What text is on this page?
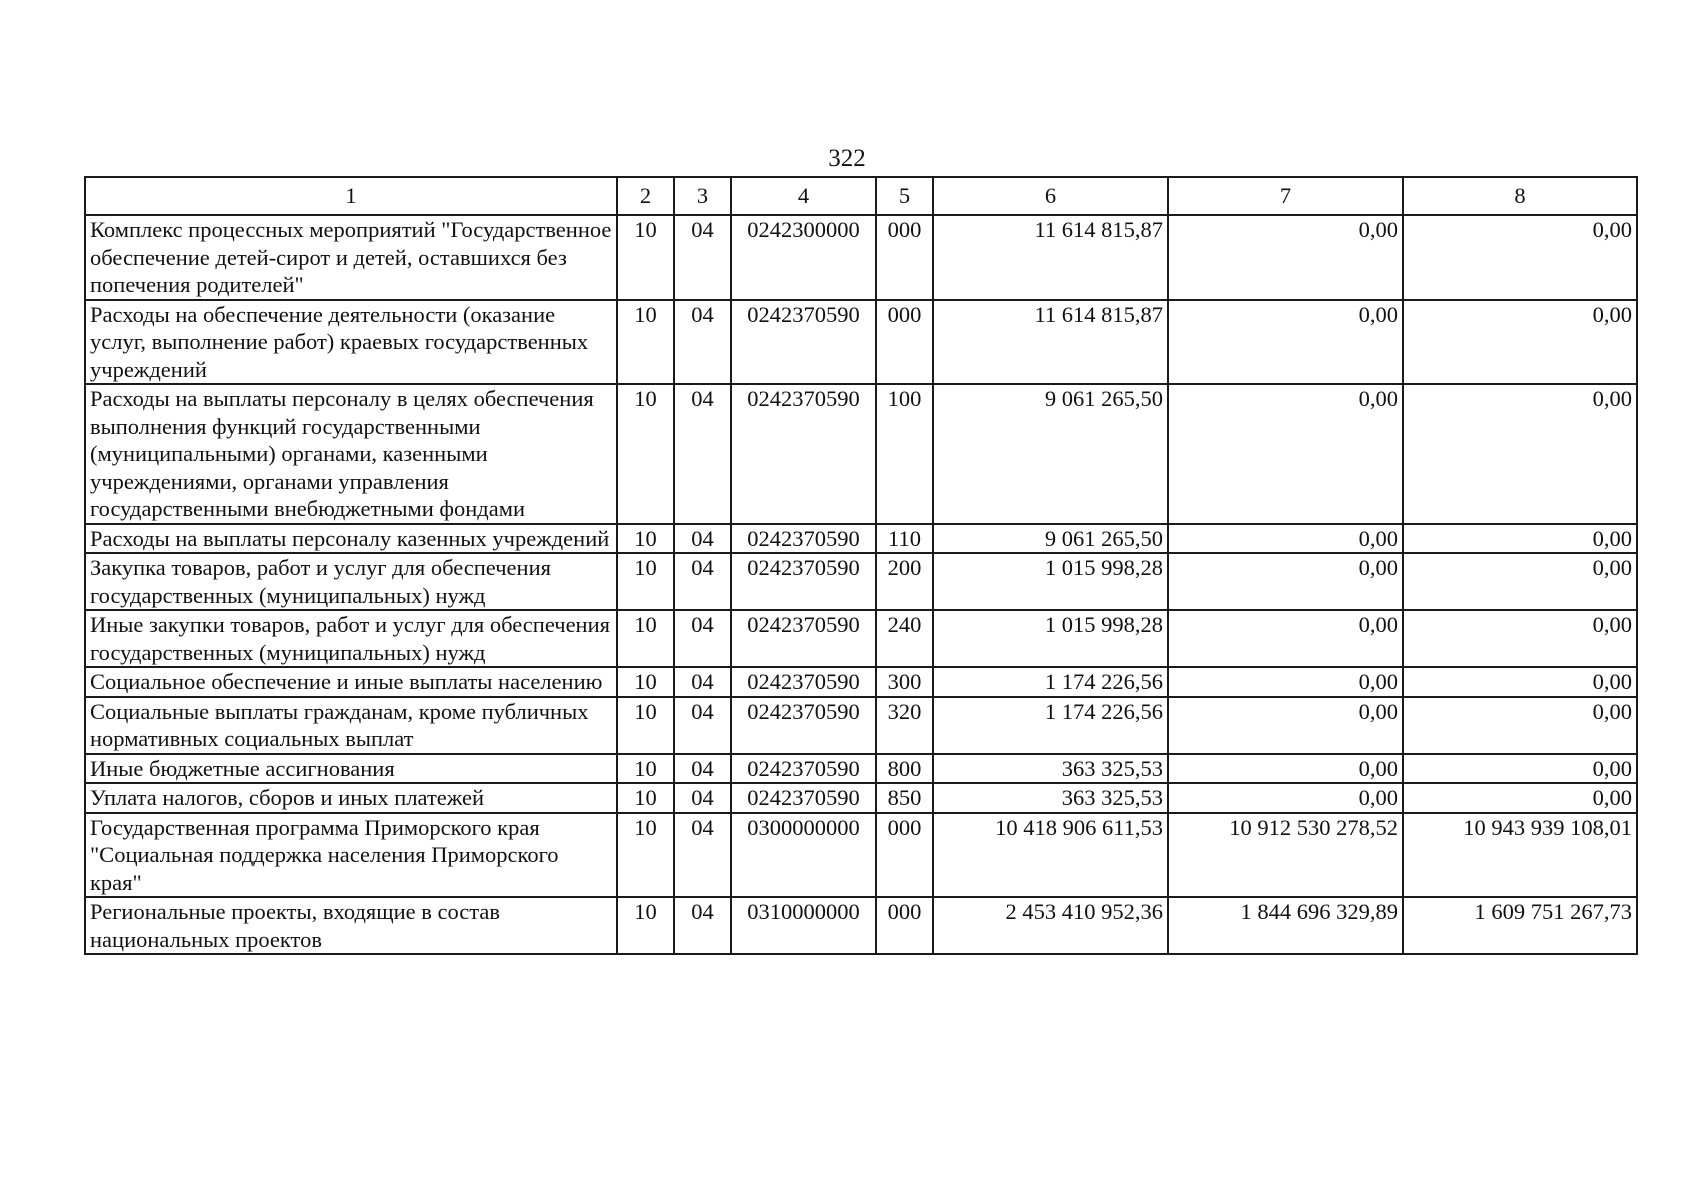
322
1	2	3	4	5	6	7	8
Комплекс процессных мероприятий "Государственное обеспечение детей-сирот и детей, оставшихся без попечения родителей"	10	04	0242300000	000	11 614 815,87	0,00	0,00
Расходы на обеспечение деятельности (оказание услуг, выполнение работ) краевых государственных учреждений	10	04	0242370590	000	11 614 815,87	0,00	0,00
Расходы на выплаты персоналу в целях обеспечения выполнения функций государственными (муниципальными) органами, казенными учреждениями, органами управления государственными внебюджетными фондами	10	04	0242370590	100	9 061 265,50	0,00	0,00
Расходы на выплаты персоналу казенных учреждений	10	04	0242370590	110	9 061 265,50	0,00	0,00
Закупка товаров, работ и услуг для обеспечения государственных (муниципальных) нужд	10	04	0242370590	200	1 015 998,28	0,00	0,00
Иные закупки товаров, работ и услуг для обеспечения государственных (муниципальных) нужд	10	04	0242370590	240	1 015 998,28	0,00	0,00
Социальное обеспечение и иные выплаты населению	10	04	0242370590	300	1 174 226,56	0,00	0,00
Социальные выплаты гражданам, кроме публичных нормативных социальных выплат	10	04	0242370590	320	1 174 226,56	0,00	0,00
Иные бюджетные ассигнования	10	04	0242370590	800	363 325,53	0,00	0,00
Уплата налогов, сборов и иных платежей	10	04	0242370590	850	363 325,53	0,00	0,00
Государственная программа Приморского края "Социальная поддержка населения Приморского края"	10	04	0300000000	000	10 418 906 611,53	10 912 530 278,52	10 943 939 108,01
Региональные проекты, входящие в состав национальных проектов	10	04	0310000000	000	2 453 410 952,36	1 844 696 329,89	1 609 751 267,73
